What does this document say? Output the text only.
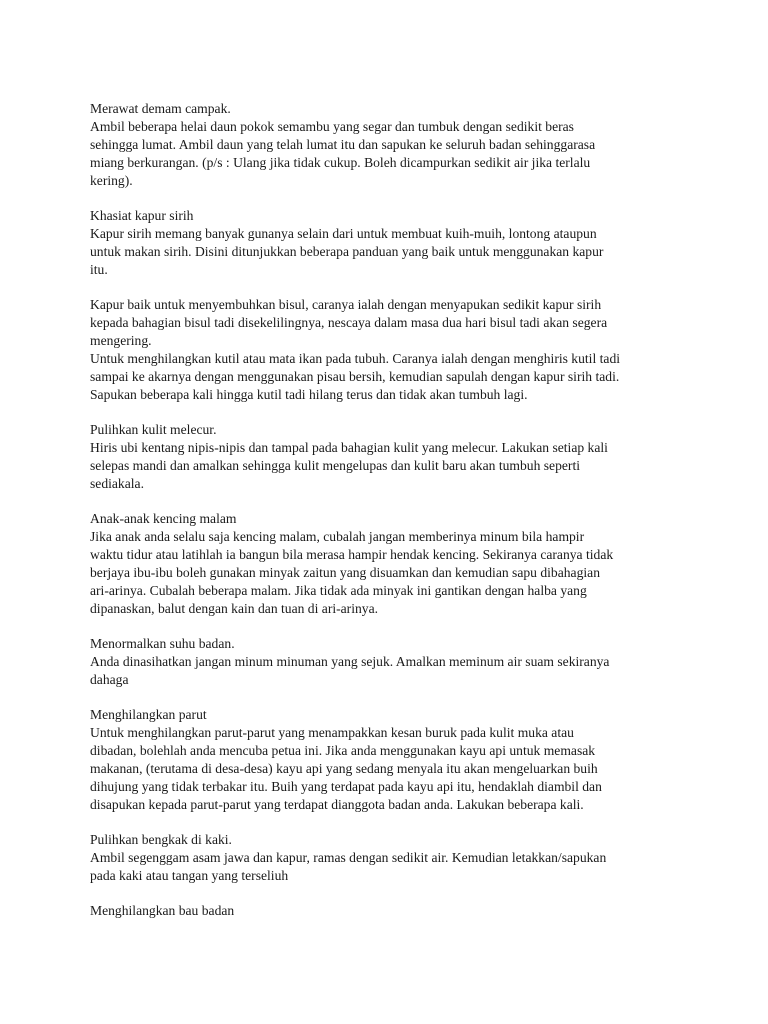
Merawat demam campak.
Ambil beberapa helai daun pokok semambu yang segar dan tumbuk dengan sedikit beras
sehingga lumat. Ambil daun yang telah lumat itu dan sapukan ke seluruh badan sehinggarasa
miang berkurangan. (p/s : Ulang jika tidak cukup. Boleh dicampurkan sedikit air jika terlalu
kering).
Khasiat kapur sirih
Kapur sirih memang banyak gunanya selain dari untuk membuat kuih-muih, lontong ataupun
untuk makan sirih. Disini ditunjukkan beberapa panduan yang baik untuk menggunakan kapur
itu.
Kapur baik untuk menyembuhkan bisul, caranya ialah dengan menyapukan sedikit kapur sirih
kepada bahagian bisul tadi disekelilingnya, nescaya dalam masa dua hari bisul tadi akan segera
mengering.
Untuk menghilangkan kutil atau mata ikan pada tubuh. Caranya ialah dengan menghiris kutil tadi
sampai ke akarnya dengan menggunakan pisau bersih, kemudian sapulah dengan kapur sirih tadi.
Sapukan beberapa kali hingga kutil tadi hilang terus dan tidak akan tumbuh lagi.
Pulihkan kulit melecur.
Hiris ubi kentang nipis-nipis dan tampal pada bahagian kulit yang melecur. Lakukan setiap kali
selepas mandi dan amalkan sehingga kulit mengelupas dan kulit baru akan tumbuh seperti
sediakala.
Anak-anak kencing malam
Jika anak anda selalu saja kencing malam, cubalah jangan memberinya minum bila hampir
waktu tidur atau latihlah ia bangun bila merasa hampir hendak kencing. Sekiranya caranya tidak
berjaya ibu-ibu boleh gunakan minyak zaitun yang disuamkan dan kemudian sapu dibahagian
ari-arinya. Cubalah beberapa malam. Jika tidak ada minyak ini gantikan dengan halba yang
dipanaskan, balut dengan kain dan tuan di ari-arinya.
Menormalkan suhu badan.
Anda dinasihatkan jangan minum minuman yang sejuk. Amalkan meminum air suam sekiranya
dahaga
Menghilangkan parut
Untuk menghilangkan parut-parut yang menampakkan kesan buruk pada kulit muka atau
dibadan, bolehlah anda mencuba petua ini. Jika anda menggunakan kayu api untuk memasak
makanan, (terutama di desa-desa) kayu api yang sedang menyala itu akan mengeluarkan buih
dihujung yang tidak terbakar itu. Buih yang terdapat pada kayu api itu, hendaklah diambil dan
disapukan kepada parut-parut yang terdapat dianggota badan anda. Lakukan beberapa kali.
Pulihkan bengkak di kaki.
Ambil segenggam asam jawa dan kapur, ramas dengan sedikit air. Kemudian letakkan/sapukan
pada kaki atau tangan yang terseliuh
Menghilangkan bau badan
